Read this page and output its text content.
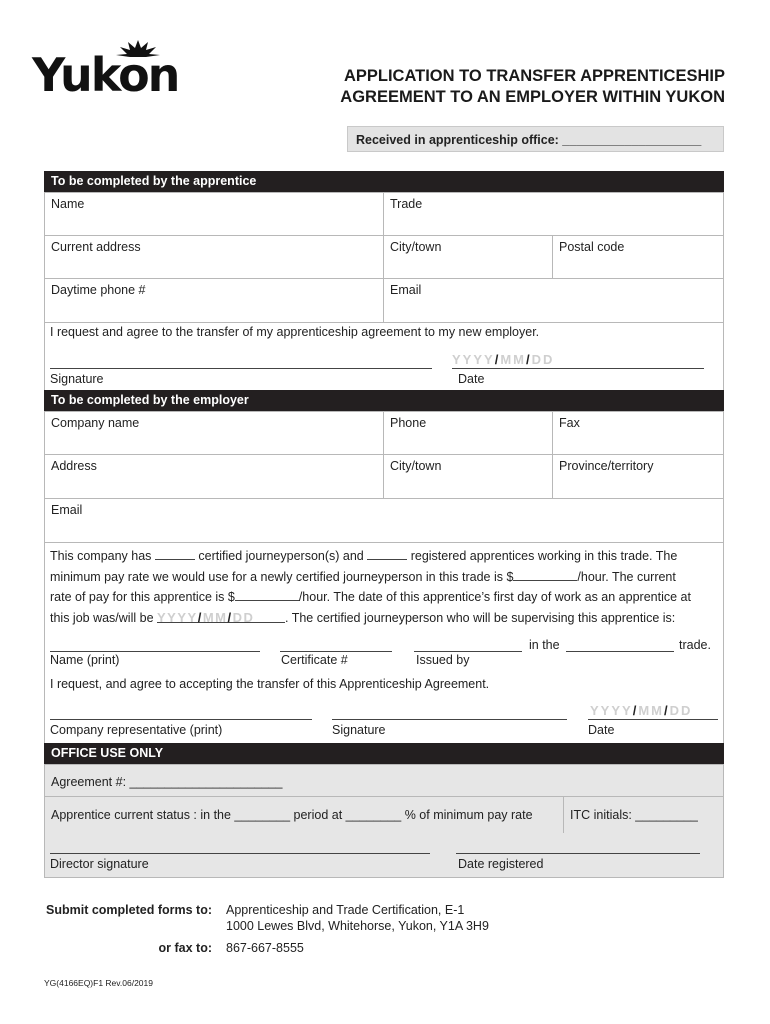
Yukon	APPLICATION TO TRANSFER APPRENTICESHIP
AGREEMENT TO AN EMPLOYER WITHIN YUKON
Received in apprenticeship office: ____________________
To be completed by the apprentice
Name	Trade
Current address	City/town	Postal code
Daytime phone #	Email
I request and agree to the transfer of my apprenticeship agreement to my new employer.
YYYY/MM/DD
Signature	Date
To be completed by the employer
Company name	Phone	Fax
Address	City/town	Province/territory
Email
This company has	certified journeyperson(s) and	registered apprentices working in this trade. The
minimum pay rate we would use for a newly certified journeyperson in this trade is $	/hour. The current
rate of pay for this apprentice is $	/hour. The date of this apprentice’s first day of work as an apprentice at
this job was/will be YYYY/MM/DD . The certified journeyperson who will be supervising this apprentice is:
in the	trade.
Name (print)	Certificate #	Issued by
I request, and agree to accepting the transfer of this Apprenticeship Agreement.
YYYY/MM/DD
Company representative (print)	Signature	Date
OFFICE USE ONLY
Agreement #: ______________________
Apprentice current status : in the ________ period at ________ % of minimum pay rate	ITC initials: _________
Director signature	Date registered
Submit completed forms to: Apprenticeship and Trade Certification, E-1
1000 Lewes Blvd, Whitehorse, Yukon, Y1A 3H9
or fax to: 867-667-8555
YG(4166EQ)F1 Rev.06/2019
